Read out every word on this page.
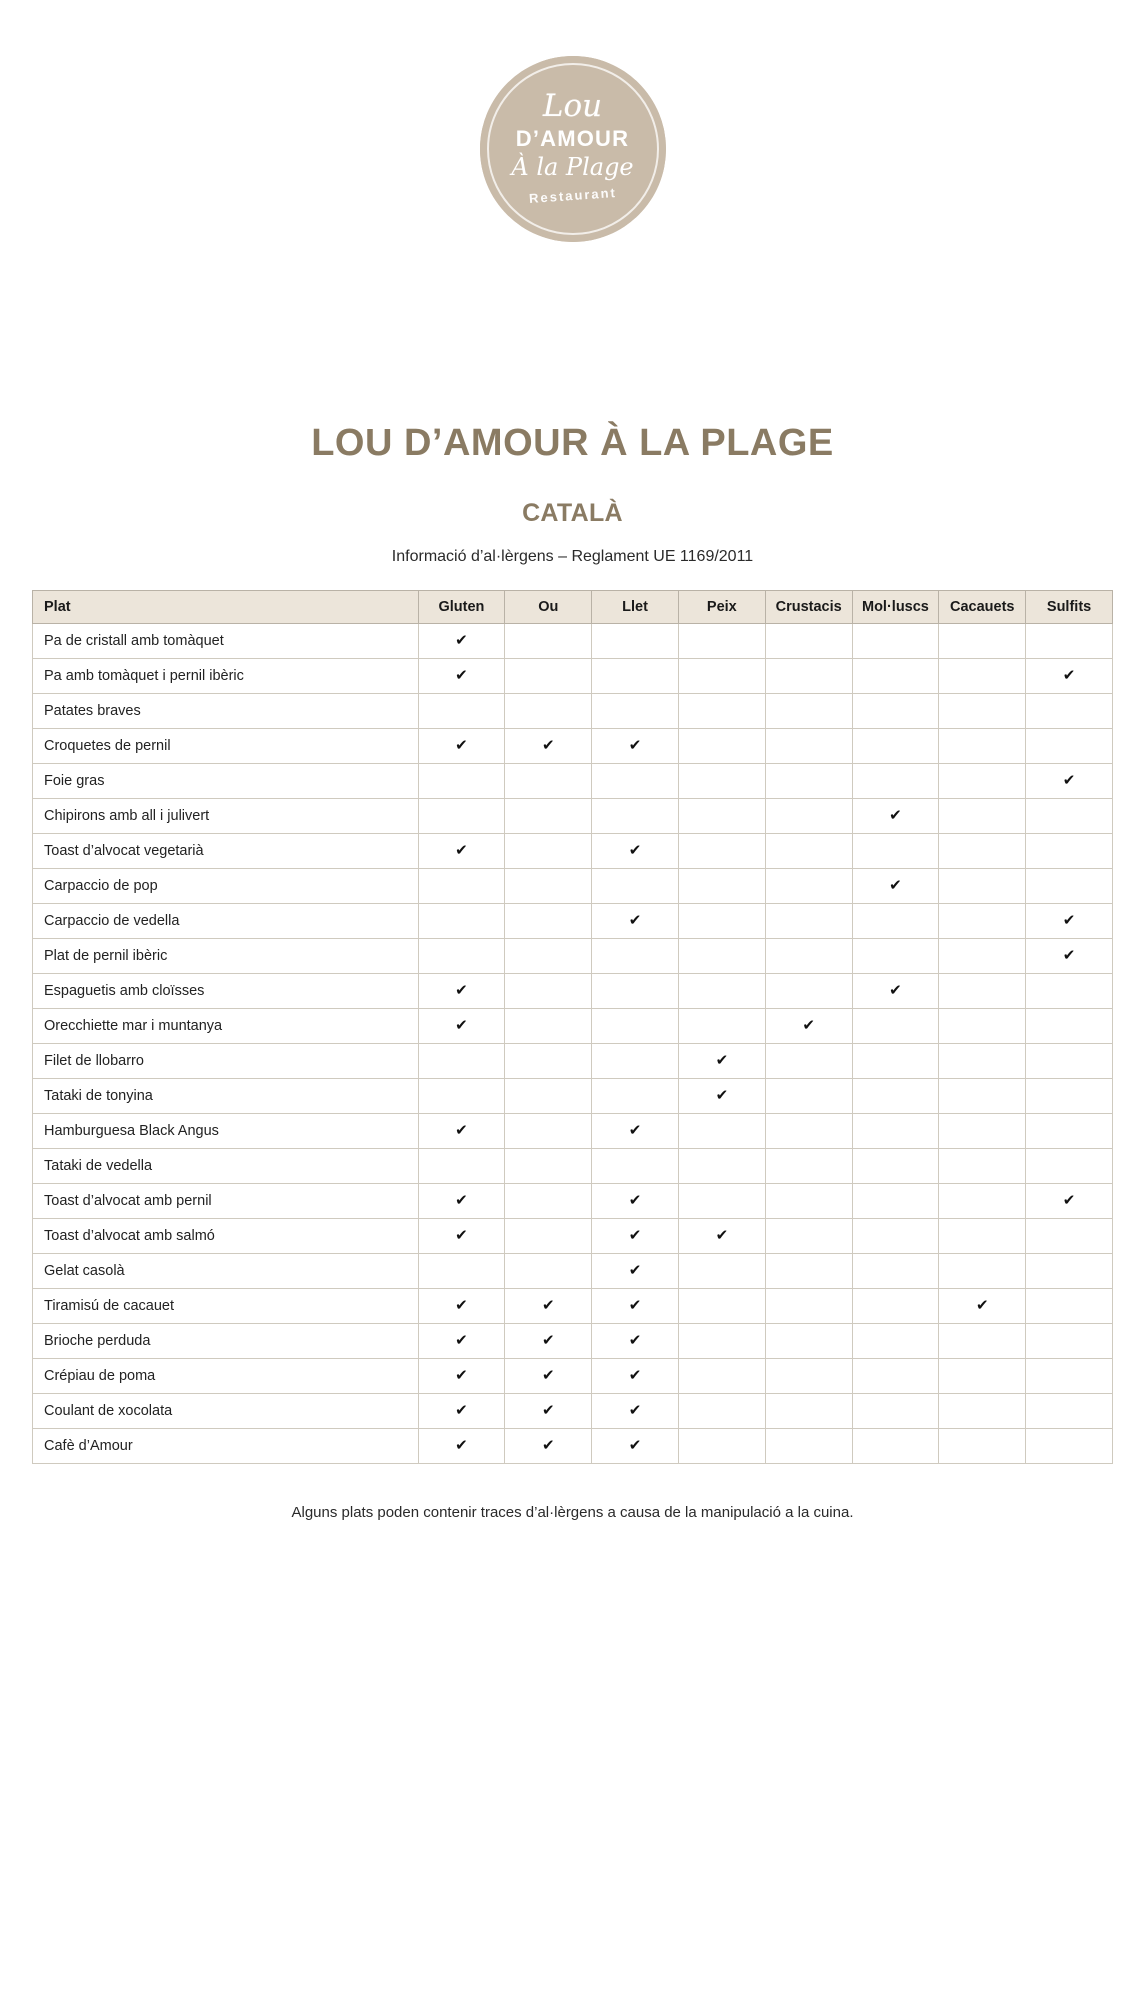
Lou
D’AMOUR
À la Plage
Restaurant
LOU D’AMOUR À LA PLAGE
CATALÀ

Informació d’al·lèrgens – Reglament UE 1169/2011

Plat	Gluten	Ou	Llet	Peix	Crustacis	Mol·luscs	Cacauets	Sulfits
Pa de cristall amb tomàquet	✔							
Pa amb tomàquet i pernil ibèric	✔							✔
Patates braves								
Croquetes de pernil	✔	✔	✔					
Foie gras								✔
Chipirons amb all i julivert						✔		
Toast d’alvocat vegetarià	✔		✔					
Carpaccio de pop						✔		
Carpaccio de vedella			✔					✔
Plat de pernil ibèric								✔
Espaguetis amb cloïsses	✔					✔		
Orecchiette mar i muntanya	✔				✔			
Filet de llobarro				✔				
Tataki de tonyina				✔				
Hamburguesa Black Angus	✔		✔					
Tataki de vedella								
Toast d’alvocat amb pernil	✔		✔					✔
Toast d’alvocat amb salmó	✔		✔	✔				
Gelat casolà			✔					
Tiramisú de cacauet	✔	✔	✔				✔	
Brioche perduda	✔	✔	✔					
Crépiau de poma	✔	✔	✔					
Coulant de xocolata	✔	✔	✔					
Cafè d’Amour	✔	✔	✔					

Alguns plats poden contenir traces d’al·lèrgens a causa de la manipulació a la cuina.
